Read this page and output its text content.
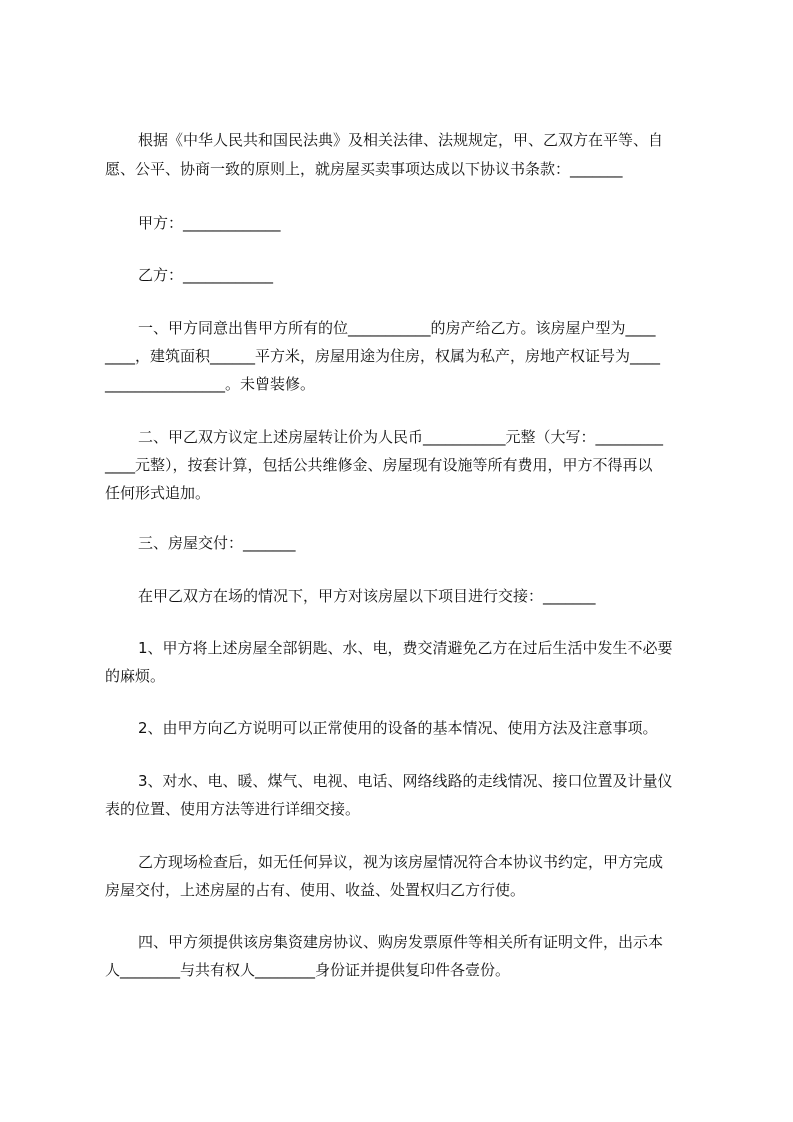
根据《中华人民共和国民法典》及相关法律、法规规定，甲、乙双方在平等、自
愿、公平、协商一致的原则上，就房屋买卖事项达成以下协议书条款：_______
甲方：_____________
乙方：____________
一、甲方同意出售甲方所有的位___________的房产给乙方。该房屋户型为____
____，建筑面积______平方米，房屋用途为住房，权属为私产，房地产权证号为____
________________。未曾装修。
二、甲乙双方议定上述房屋转让价为人民币___________元整（大写：_________
____元整），按套计算，包括公共维修金、房屋现有设施等所有费用，甲方不得再以
任何形式追加。
三、房屋交付：_______
在甲乙双方在场的情况下，甲方对该房屋以下项目进行交接：_______
1、甲方将上述房屋全部钥匙、水、电，费交清避免乙方在过后生活中发生不必要
的麻烦。
2、由甲方向乙方说明可以正常使用的设备的基本情况、使用方法及注意事项。
3、对水、电、暖、煤气、电视、电话、网络线路的走线情况、接口位置及计量仪
表的位置、使用方法等进行详细交接。
乙方现场检查后，如无任何异议，视为该房屋情况符合本协议书约定，甲方完成
房屋交付，上述房屋的占有、使用、收益、处置权归乙方行使。
四、甲方须提供该房集资建房协议、购房发票原件等相关所有证明文件，出示本
人________与共有权人________身份证并提供复印件各壹份。
